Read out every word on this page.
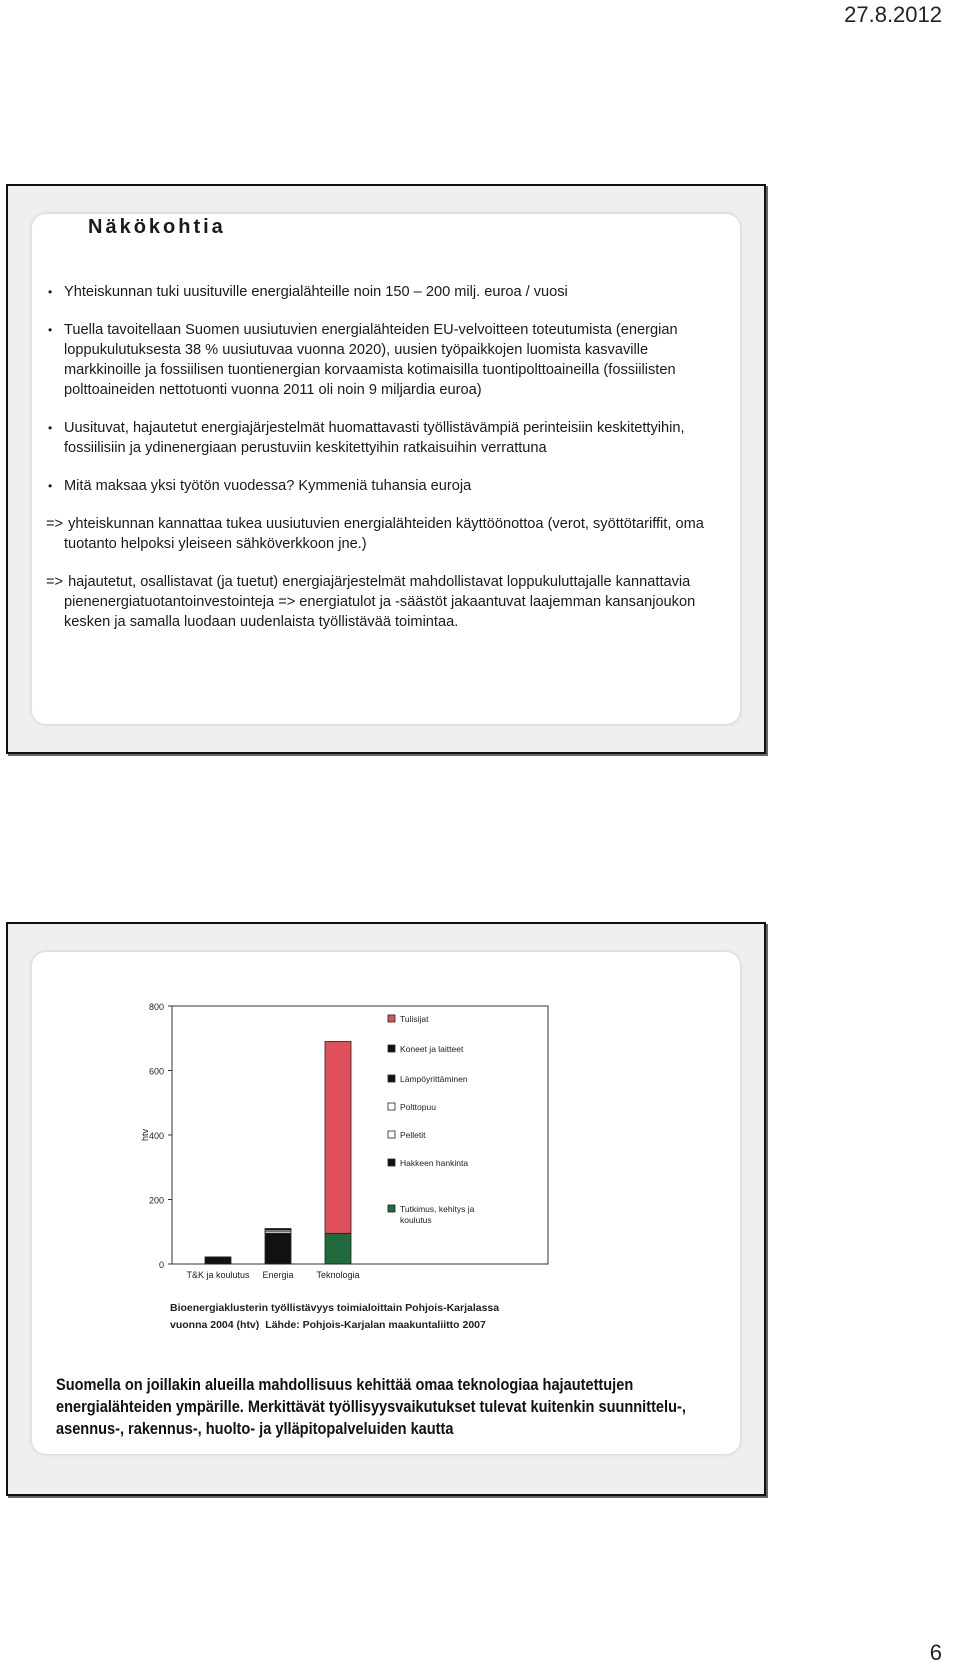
27.8.2012
Näkökohtia
• Yhteiskunnan tuki uusituville energialähteille noin 150 – 200 milj. euroa / vuosi
• Tuella tavoitellaan Suomen uusiutuvien energialähteiden EU-velvoitteen toteutumista (energian loppukulutuksesta 38 % uusiutuvaa vuonna 2020), uusien työpaikkojen luomista kasvaville markkinoille ja fossiilisen tuontienergian korvaamista kotimaisilla tuontipolttoaineilla (fossiilisten polttoaineiden nettotuonti vuonna 2011 oli noin 9 miljardia euroa)
• Uusituvat, hajautetut energiajärjestelmät huomattavasti työllistävämpiä perinteisiin keskitettyihin, fossiilisiin ja ydinenergiaan perustuviin keskitettyihin ratkaisuihin verrattuna
• Mitä maksaa yksi työtön vuodessa? Kymmeniä tuhansia euroja
=> yhteiskunnan kannattaa tukea uusiutuvien energialähteiden käyttöönottoa (verot, syöttötariffit, oma tuotanto helpoksi yleiseen sähköverkkoon jne.)
=> hajautetut, osallistavat (ja tuetut) energiajärjestelmät mahdollistavat loppukuluttajalle kannattavia pienenergiatuotantoinvestointeja => energiatulot ja -säästöt jakaantuvat laajemman kansanjoukon kesken ja samalla luodaan uudenlaista työllistävää toimintaa.
0
200
400
600
800
htv
T&K ja koulutus Energia	Teknologia
Tulisijat
Koneet ja laitteet
Lämpöyrittäminen
Polttopuu
Pelletit
Hakkeen hankinta
Tutkimus, kehitys ja
koulutus
Bioenergiaklusterin työllistävyys toimialoittain Pohjois-Karjalassa
vuonna 2004 (htv) Lähde: Pohjois-Karjalan maakuntaliitto 2007

Suomella on joillakin alueilla mahdollisuus kehittää omaa teknologiaa hajautettujen energialähteiden ympärille. Merkittävät työllisyysvaikutukset tulevat kuitenkin suunnittelu-, asennus-, rakennus-, huolto- ja ylläpitopalveluiden kautta

6
